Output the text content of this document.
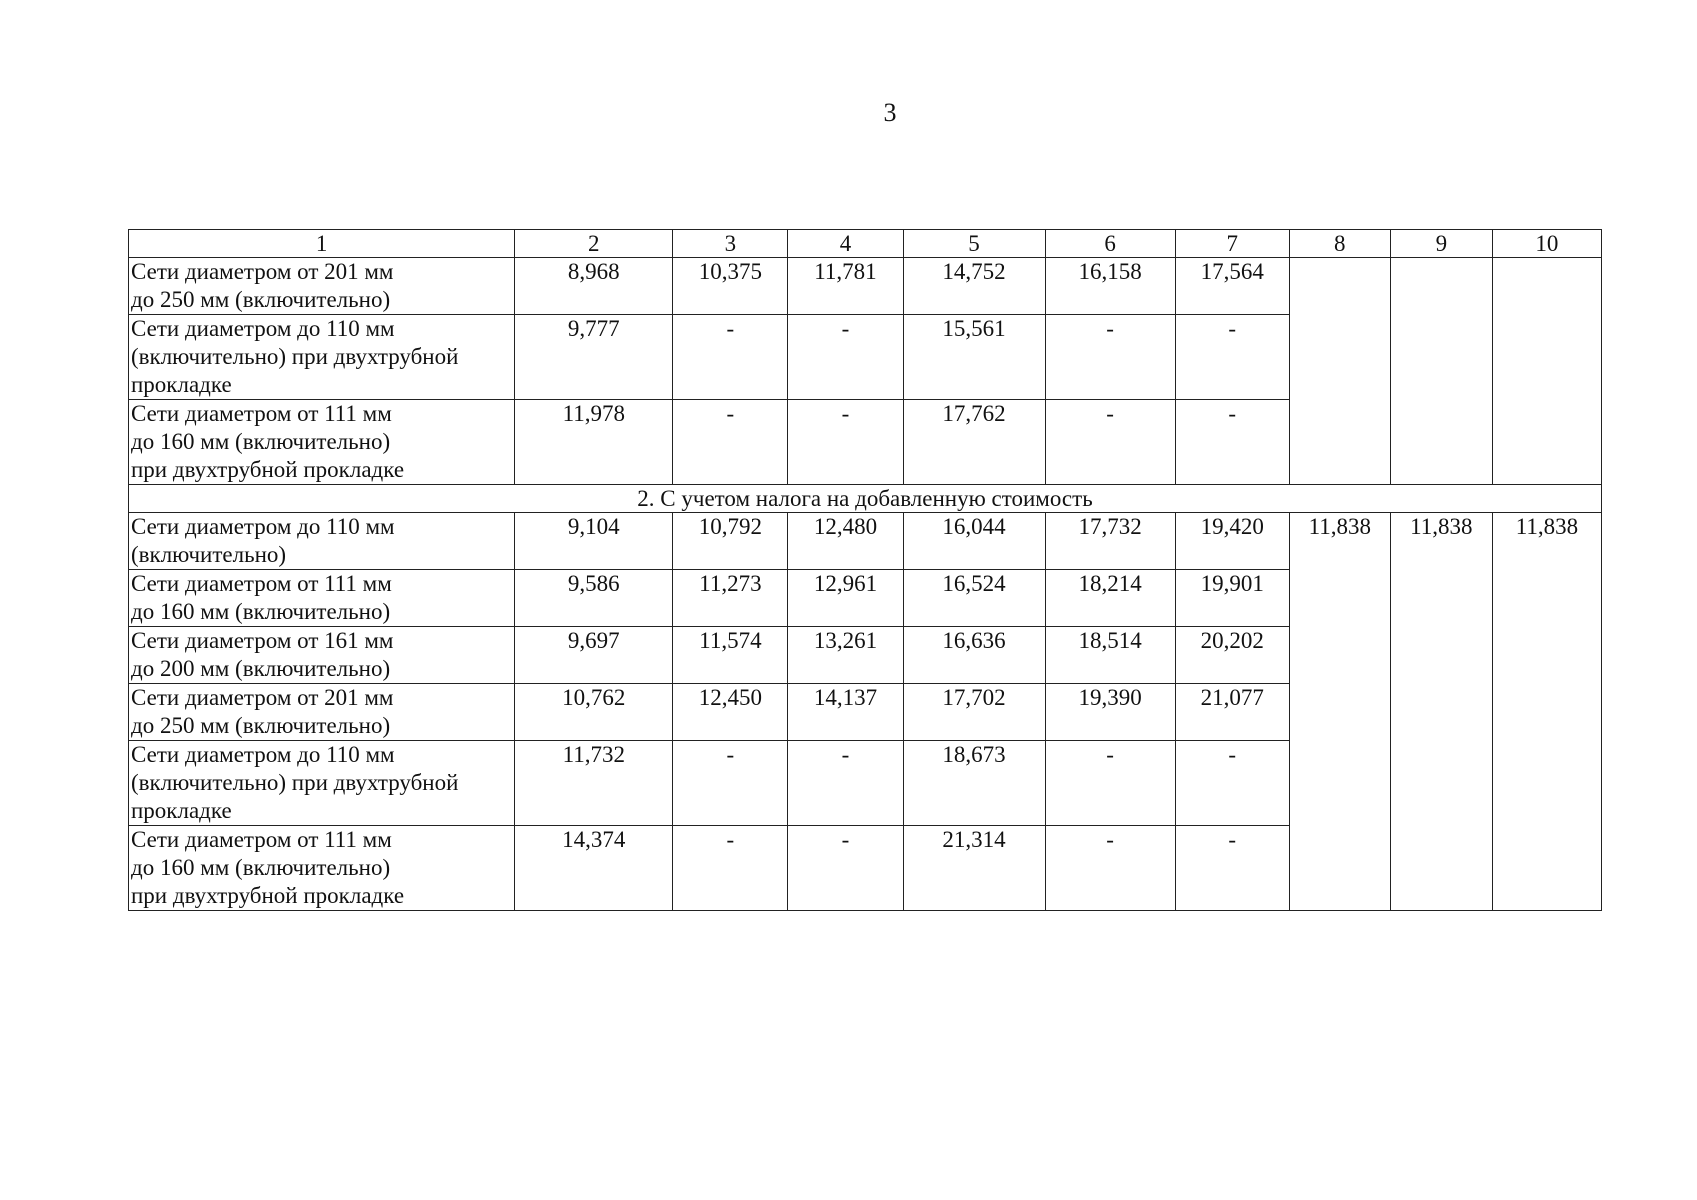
3
1	2	3	4	5	6	7	8	9	10

Сети диаметром от 201 мм
до 250 мм (включительно)	8,968	10,375	11,781	14,752	16,158	17,564			

Сети диаметром до 110 мм
(включительно) при двухтрубной
прокладке	9,777	-	-	15,561	-	-			

Сети диаметром от 111 мм
до 160 мм (включительно)
при двухтрубной прокладке	11,978	-	-	17,762	-	-			
2. С учетом налога на добавленную стоимость									

Сети диаметром до 110 мм
(включительно)	9,104	10,792	12,480	16,044	17,732	19,420	11,838	11,838	11,838

Сети диаметром от 111 мм
до 160 мм (включительно)	9,586	11,273	12,961	16,524	18,214	19,901			

Сети диаметром от 161 мм
до 200 мм (включительно)	9,697	11,574	13,261	16,636	18,514	20,202			

Сети диаметром от 201 мм
до 250 мм (включительно)	10,762	12,450	14,137	17,702	19,390	21,077			

Сети диаметром до 110 мм
(включительно) при двухтрубной
прокладке	11,732	-	-	18,673	-	-			

Сети диаметром от 111 мм
до 160 мм (включительно)
при двухтрубной прокладке	14,374	-	-	21,314	-	-			
